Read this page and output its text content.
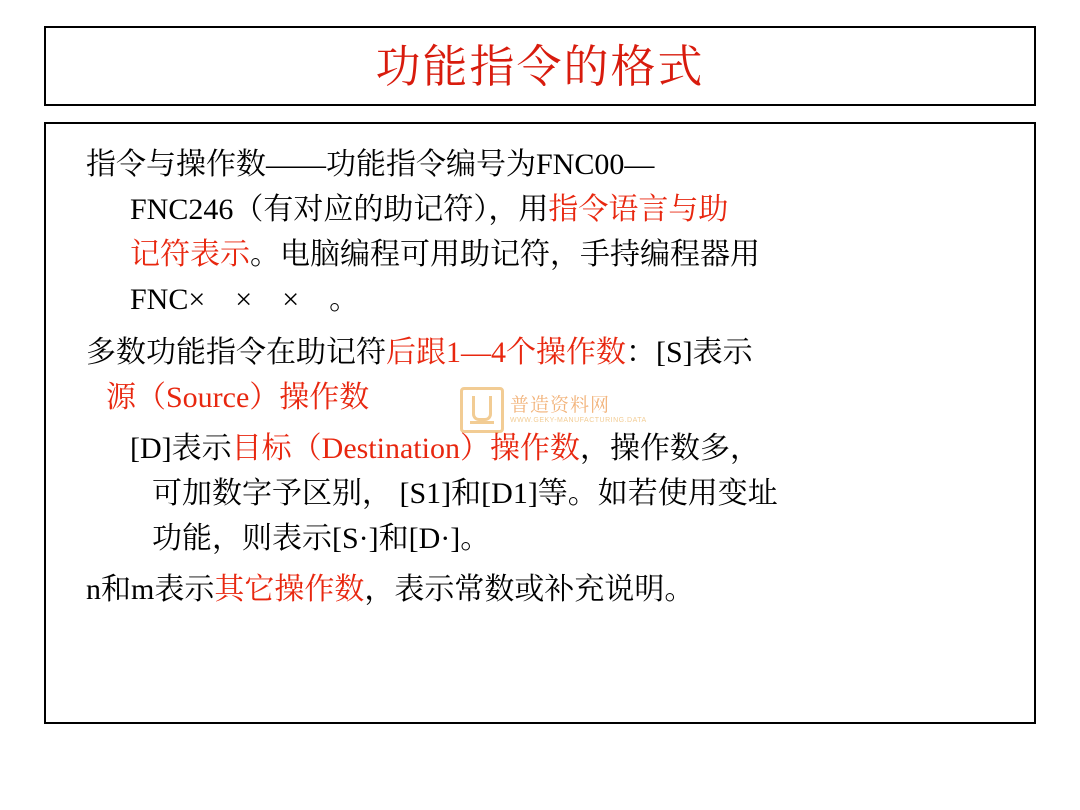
功能指令的格式

指令与操作数——功能指令编号为FNC00—
FNC246（有对应的助记符），用指令语言与助
记符表示。电脑编程可用助记符，手持编程器用
FNC×　×　×　。

多数功能指令在助记符后跟1—4个操作数：[S]表示
源（Source）操作数

[D]表示目标（Destination）操作数，操作数多，
可加数字予区别， [S1]和[D1]等。如若使用变址
功能，则表示[S·]和[D·]。

n和m表示其它操作数，表示常数或补充说明。

普造资料网
WWW.GEKY-MANUFACTURING.DATA
